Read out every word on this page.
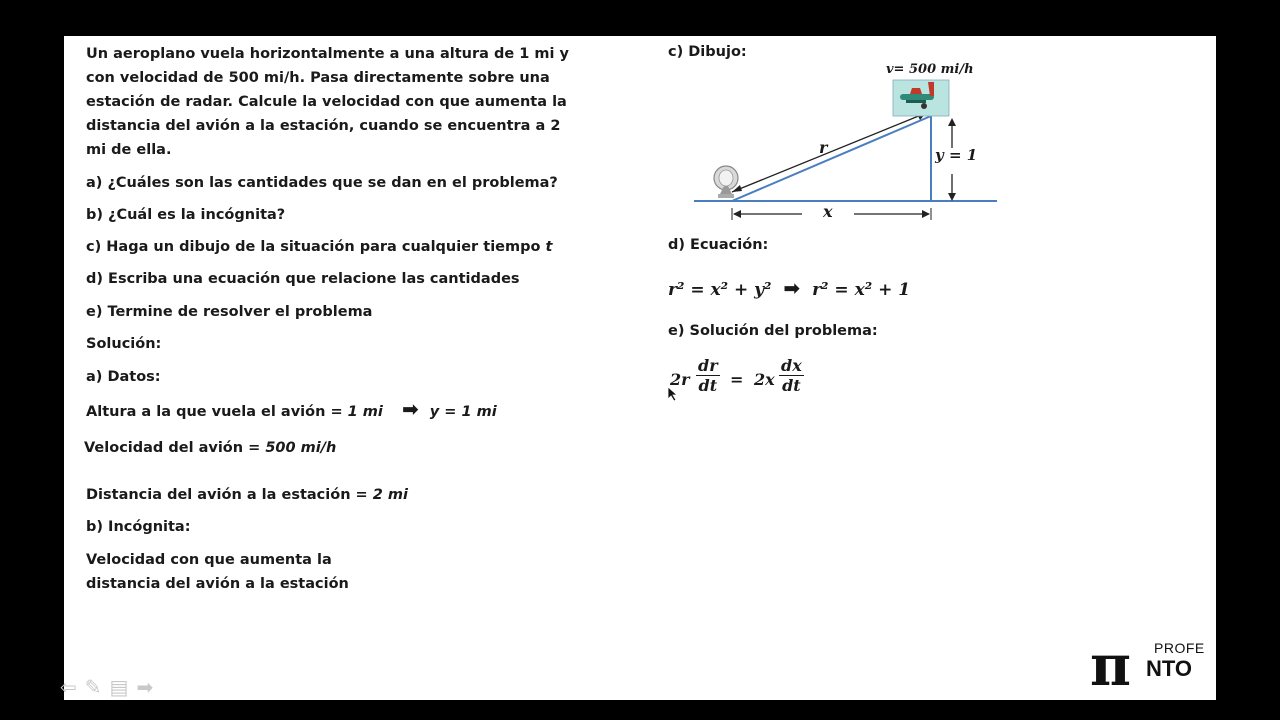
Un aeroplano vuela horizontalmente a una altura de 1 mi y
con velocidad de 500 mi/h. Pasa directamente sobre una
estación de radar. Calcule la velocidad con que aumenta la
distancia del avión a la estación, cuando se encuentra a 2
mi de ella.
a) ¿Cuáles son las cantidades que se dan en el problema?
b) ¿Cuál es la incógnita?
c) Haga un dibujo de la situación para cualquier tiempo t
d) Escriba una ecuación que relacione las cantidades
e) Termine de resolver el problema
Solución:
a) Datos:
Altura a la que vuela el avión = 1 mi ➡ y = 1 mi
Velocidad del avión = 500 mi/h
Distancia del avión a la estación = 2 mi
b) Incógnita:
Velocidad con que aumenta la
distancia del avión a la estación
c) Dibujo:
v= 500 mi/h
r	y = 1
x
d) Ecuación:
r² = x² + y² ➡ r² = x² + 1
e) Solución del problema:
$2r \frac{dr}{dt} = 2x \frac{dx}{dt}$
⇦ ✎ ▤ ➡	π PROFE
NTO
